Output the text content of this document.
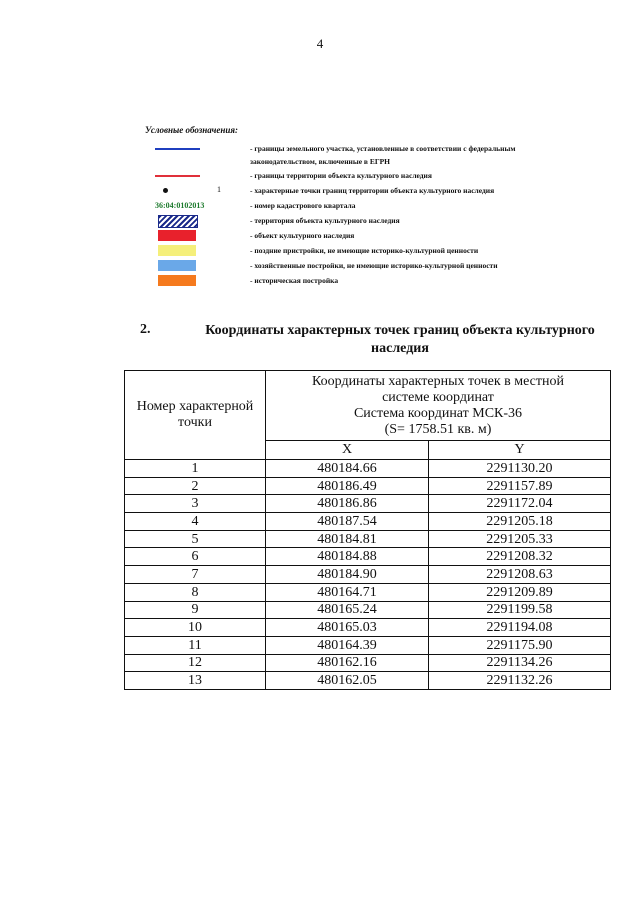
4
Условные обозначения:
- границы земельного участка, установленные в соответствии с федеральным
законодательством, включенные в ЕГРН
- границы территории объекта культурного наследия
1	- характерные точки границ территории объекта культурного наследия
36:04:0102013	- номер кадастрового квартала
- территория объекта культурного наследия
- объект культурного наследия
- поздние пристройки, не имеющие историко-культурной ценности
- хозяйственные постройки, не имеющие историко-культурной ценности
- историческая постройка
2.	Координаты характерных точек границ объекта культурного
наследия
Номер характерной точки	Координаты характерных точек в местной
системе координат
Система координат МСК-36
(S= 1758.51 кв. м)	

	X	Y
1	480184.66	2291130.20
2	480186.49	2291157.89
3	480186.86	2291172.04
4	480187.54	2291205.18
5	480184.81	2291205.33
6	480184.88	2291208.32
7	480184.90	2291208.63
8	480164.71	2291209.89
9	480165.24	2291199.58
10	480165.03	2291194.08
11	480164.39	2291175.90
12	480162.16	2291134.26
13	480162.05	2291132.26
